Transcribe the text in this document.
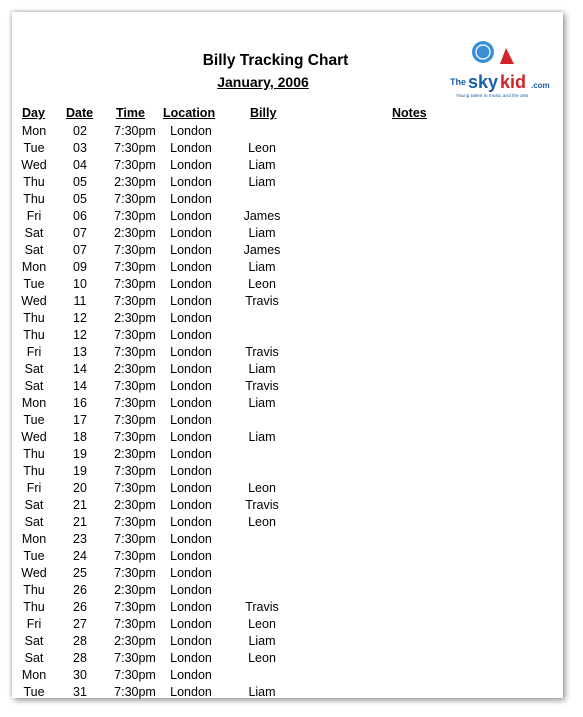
Billy Tracking Chart
January, 2006	The sky kid .com
Young talent in music and the arts
Day Date Time Location	Billy	Notes
Mon	02	7:30pm	London
Tue	03	7:30pm	London	Leon
Wed	04	7:30pm	London	Liam
Thu	05	2:30pm	London	Liam
Thu	05	7:30pm	London
Fri	06	7:30pm	London	James
Sat	07	2:30pm	London	Liam
Sat	07	7:30pm	London	James
Mon	09	7:30pm	London	Liam
Tue	10	7:30pm	London	Leon
Wed	11	7:30pm	London	Travis
Thu	12	2:30pm	London
Thu	12	7:30pm	London
Fri	13	7:30pm	London	Travis
Sat	14	2:30pm	London	Liam
Sat	14	7:30pm	London	Travis
Mon	16	7:30pm	London	Liam
Tue	17	7:30pm	London
Wed	18	7:30pm	London	Liam
Thu	19	2:30pm	London
Thu	19	7:30pm	London
Fri	20	7:30pm	London	Leon
Sat	21	2:30pm	London	Travis
Sat	21	7:30pm	London	Leon
Mon	23	7:30pm	London
Tue	24	7:30pm	London
Wed	25	7:30pm	London
Thu	26	2:30pm	London
Thu	26	7:30pm	London	Travis
Fri	27	7:30pm	London	Leon
Sat	28	2:30pm	London	Liam
Sat	28	7:30pm	London	Leon
Mon	30	7:30pm	London
Tue	31	7:30pm	London	Liam
